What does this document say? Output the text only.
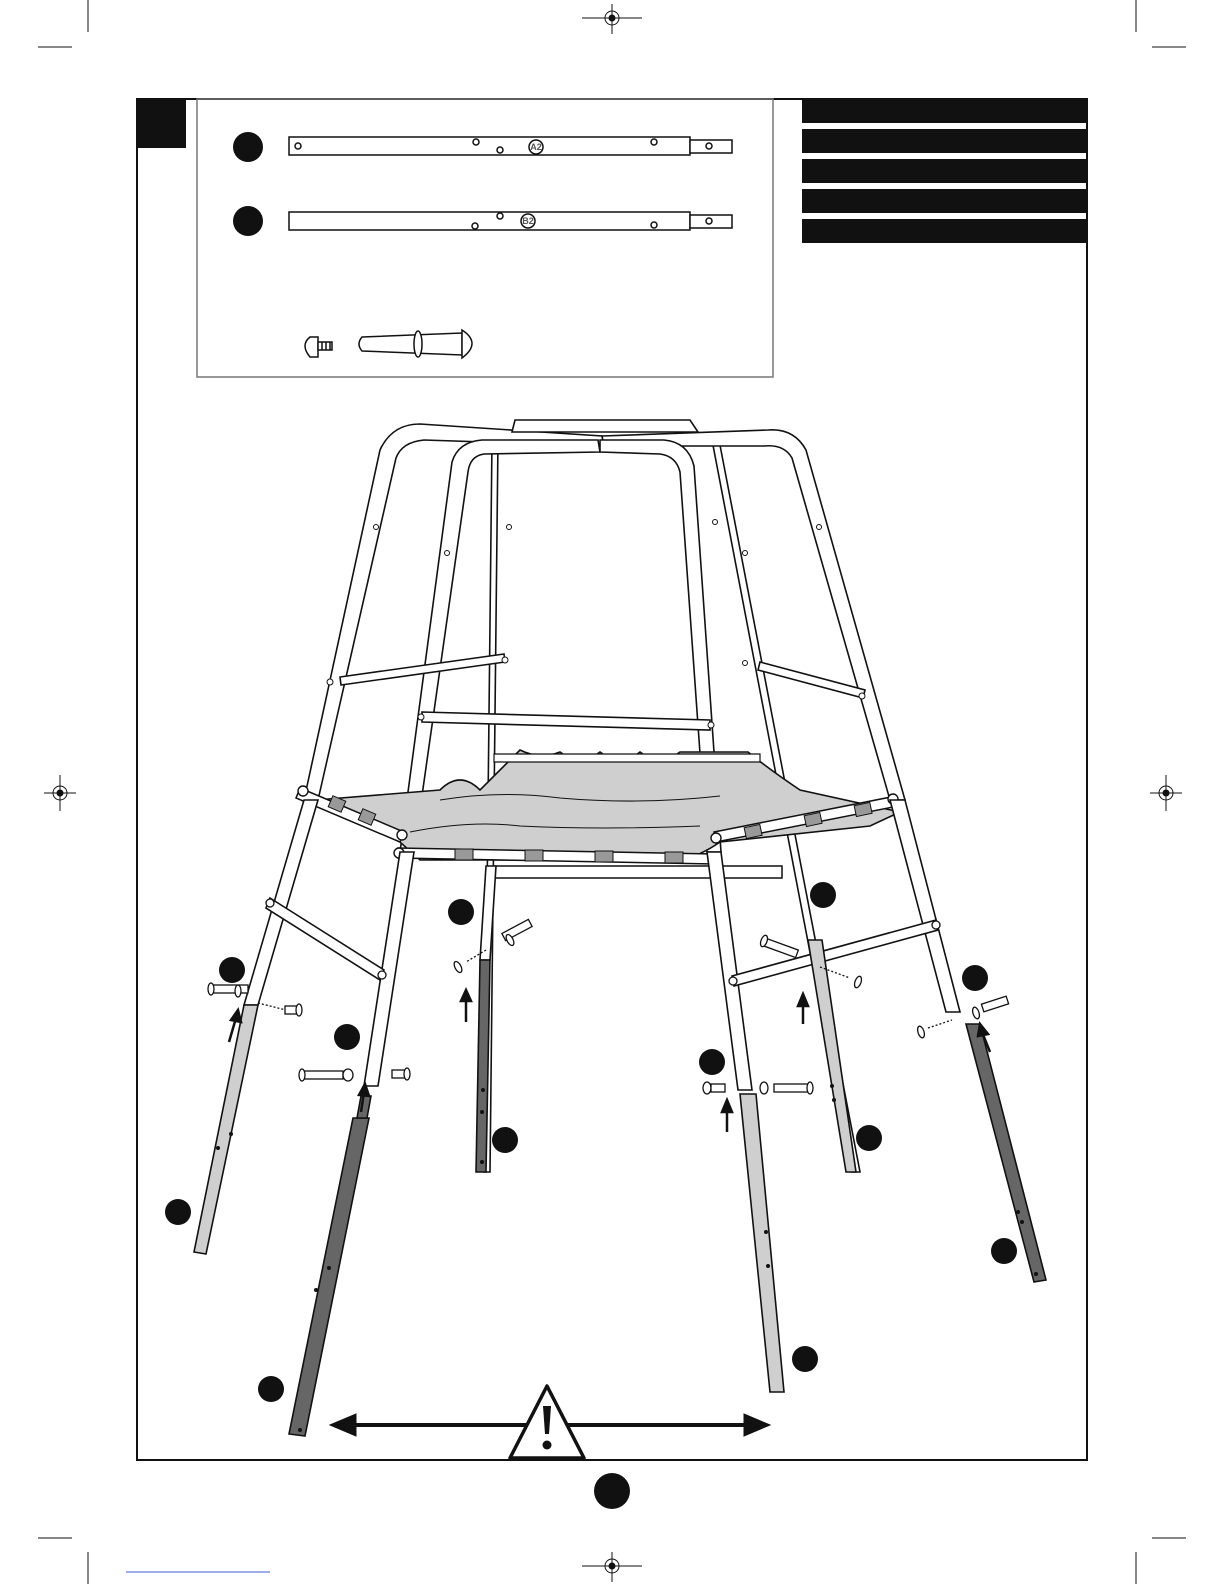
A2
B2
